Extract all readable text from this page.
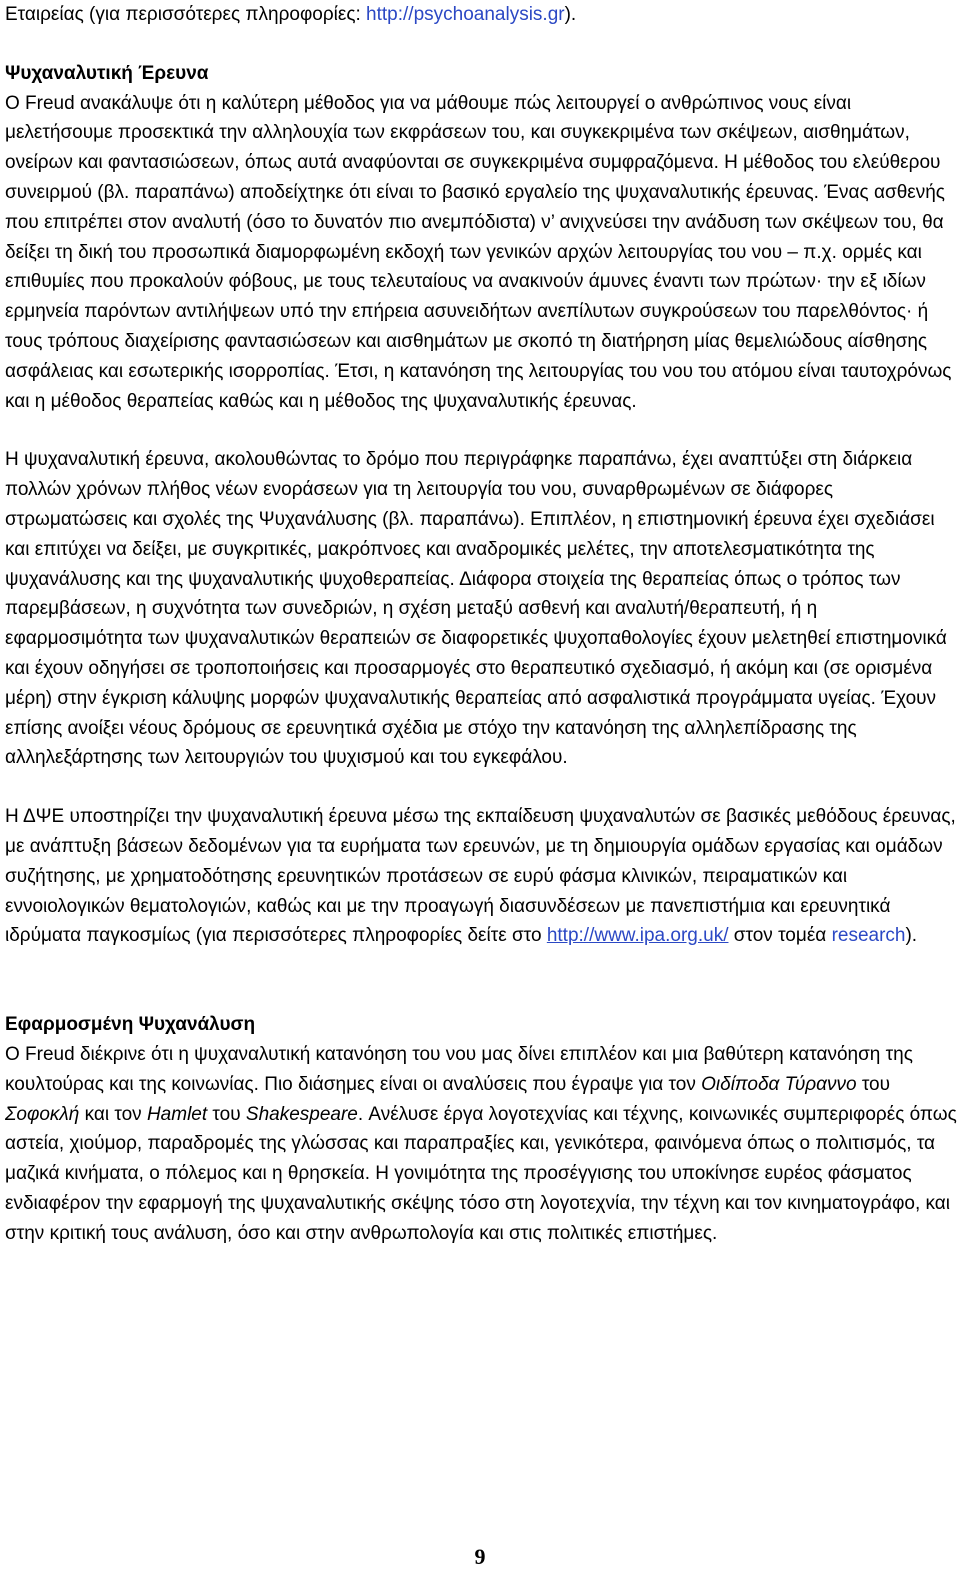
Εταιρείας (για περισσότερες πληροφορίες: http://psychoanalysis.gr).

Ψυχαναλυτική Έρευνα

Ο Freud ανακάλυψε ότι η καλύτερη μέθοδος για να μάθουμε πώς λειτουργεί ο ανθρώπινος νους είναι μελετήσουμε προσεκτικά την αλληλουχία των εκφράσεων του, και συγκεκριμένα των σκέψεων, αισθημάτων, ονείρων και φαντασιώσεων, όπως αυτά αναφύονται σε συγκεκριμένα συμφραζόμενα. Η μέθοδος του ελεύθερου συνειρμού (βλ. παραπάνω) αποδείχτηκε ότι είναι το βασικό εργαλείο της ψυχαναλυτικής έρευνας. Ένας ασθενής που επιτρέπει στον αναλυτή (όσο το δυνατόν πιο ανεμπόδιστα) ν’ ανιχνεύσει την ανάδυση των σκέψεων του, θα δείξει τη δική του προσωπικά διαμορφωμένη εκδοχή των γενικών αρχών λειτουργίας του νου – π.χ. ορμές και επιθυμίες που προκαλούν φόβους, με τους τελευταίους να ανακινούν άμυνες έναντι των πρώτων· την εξ ιδίων ερμηνεία παρόντων αντιλήψεων υπό την επήρεια ασυνειδήτων ανεπίλυτων συγκρούσεων του παρελθόντος· ή τους τρόπους διαχείρισης φαντασιώσεων και αισθημάτων με σκοπό τη διατήρηση μίας θεμελιώδους αίσθησης ασφάλειας και εσωτερικής ισορροπίας. Έτσι, η κατανόηση της λειτουργίας του νου του ατόμου είναι ταυτοχρόνως και η μέθοδος θεραπείας καθώς και η μέθοδος της ψυχαναλυτικής έρευνας.

Η ψυχαναλυτική έρευνα, ακολουθώντας το δρόμο που περιγράφηκε παραπάνω, έχει αναπτύξει στη διάρκεια πολλών χρόνων πλήθος νέων ενοράσεων για τη λειτουργία του νου, συναρθρωμένων σε διάφορες στρωματώσεις και σχολές της Ψυχανάλυσης (βλ. παραπάνω). Επιπλέον, η επιστημονική έρευνα έχει σχεδιάσει και επιτύχει να δείξει, με συγκριτικές, μακρόπνοες και αναδρομικές μελέτες, την αποτελεσματικότητα της ψυχανάλυσης και της ψυχαναλυτικής ψυχοθεραπείας. Διάφορα στοιχεία της θεραπείας όπως ο τρόπος των παρεμβάσεων, η συχνότητα των συνεδριών, η σχέση μεταξύ ασθενή και αναλυτή/θεραπευτή, ή η εφαρμοσιμότητα των ψυχαναλυτικών θεραπειών σε διαφορετικές ψυχοπαθολογίες έχουν μελετηθεί επιστημονικά και έχουν οδηγήσει σε τροποποιήσεις και προσαρμογές στο θεραπευτικό σχεδιασμό, ή ακόμη και (σε ορισμένα μέρη) στην έγκριση κάλυψης μορφών ψυχαναλυτικής θεραπείας από ασφαλιστικά προγράμματα υγείας. Έχουν επίσης ανοίξει νέους δρόμους σε ερευνητικά σχέδια με στόχο την κατανόηση της αλληλεπίδρασης της αλληλεξάρτησης των λειτουργιών του ψυχισμού και του εγκεφάλου.

Η ΔΨΕ υποστηρίζει την ψυχαναλυτική έρευνα μέσω της εκπαίδευση ψυχαναλυτών σε βασικές μεθόδους έρευνας, με ανάπτυξη βάσεων δεδομένων για τα ευρήματα των ερευνών, με τη δημιουργία ομάδων εργασίας και ομάδων συζήτησης, με χρηματοδότησης ερευνητικών προτάσεων σε ευρύ φάσμα κλινικών, πειραματικών και εννοιολογικών θεματολογιών, καθώς και με την προαγωγή διασυνδέσεων με πανεπιστήμια και ερευνητικά ιδρύματα παγκοσμίως (για περισσότερες πληροφορίες δείτε στο http://www.ipa.org.uk/ στον τομέα research).

Εφαρμοσμένη Ψυχανάλυση

Ο Freud διέκρινε ότι η ψυχαναλυτική κατανόηση του νου μας δίνει επιπλέον και μια βαθύτερη κατανόηση της κουλτούρας και της κοινωνίας. Πιο διάσημες είναι οι αναλύσεις που έγραψε για τον Οιδίποδα Τύραννο του Σοφοκλή και τον Hamlet του Shakespeare. Ανέλυσε έργα λογοτεχνίας και τέχνης, κοινωνικές συμπεριφορές όπως αστεία, χιούμορ, παραδρομές της γλώσσας και παραπραξίες και, γενικότερα, φαινόμενα όπως ο πολιτισμός, τα μαζικά κινήματα, ο πόλεμος και η θρησκεία. Η γονιμότητα της προσέγγισης του υποκίνησε ευρέος φάσματος ενδιαφέρον την εφαρμογή της ψυχαναλυτικής σκέψης τόσο στη λογοτεχνία, την τέχνη και τον κινηματογράφο, και στην κριτική τους ανάλυση, όσο και στην ανθρωπολογία και στις πολιτικές επιστήμες.

9
